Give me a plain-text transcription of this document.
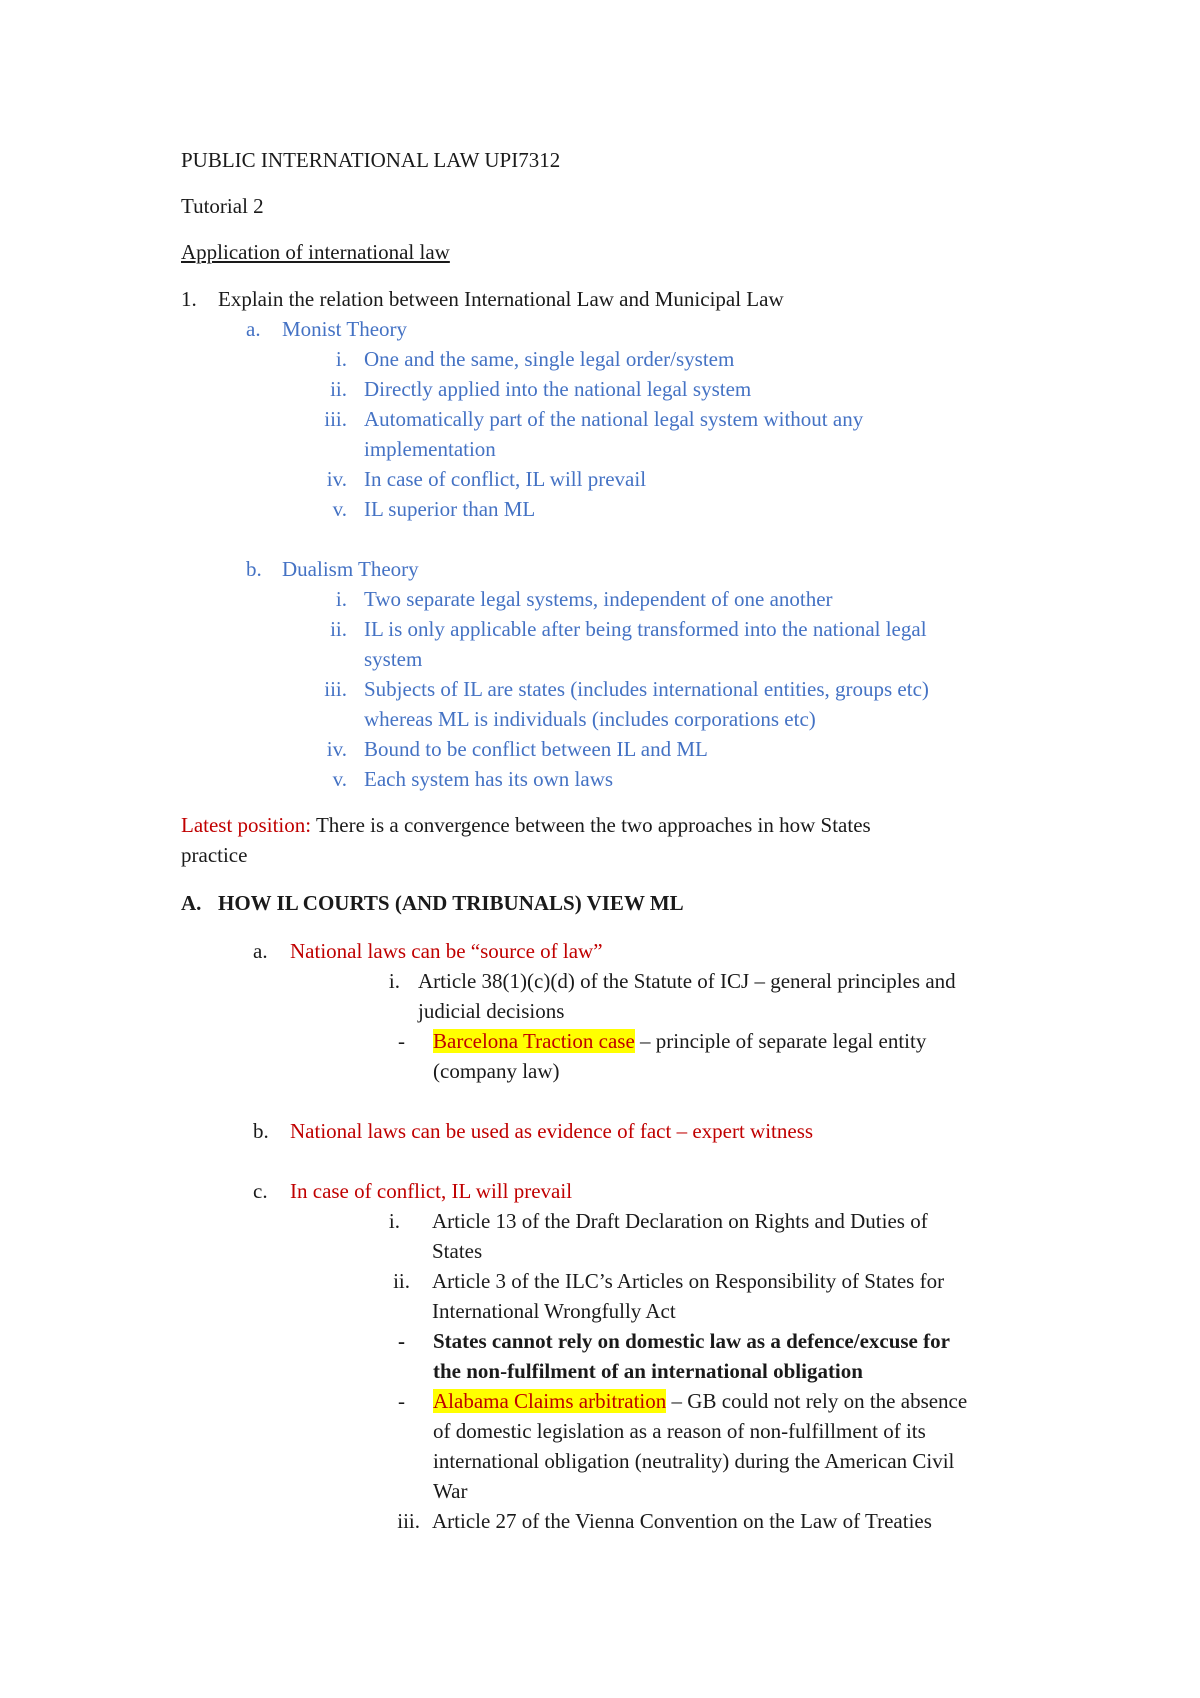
PUBLIC INTERNATIONAL LAW UPI7312
Tutorial 2
Application of international law
1. Explain the relation between International Law and Municipal Law
a. Monist Theory
i. One and the same, single legal order/system
ii. Directly applied into the national legal system
iii. Automatically part of the national legal system without any
implementation
iv. In case of conflict, IL will prevail
v. IL superior than ML
b. Dualism Theory
i. Two separate legal systems, independent of one another
ii. IL is only applicable after being transformed into the national legal
system
iii. Subjects of IL are states (includes international entities, groups etc)
whereas ML is individuals (includes corporations etc)
iv. Bound to be conflict between IL and ML
v. Each system has its own laws
Latest position: There is a convergence between the two approaches in how States
practice
A. HOW IL COURTS (AND TRIBUNALS) VIEW ML
a. National laws can be “source of law”
i. Article 38(1)(c)(d) of the Statute of ICJ – general principles and
judicial decisions
- Barcelona Traction case – principle of separate legal entity
(company law)
b. National laws can be used as evidence of fact – expert witness
c. In case of conflict, IL will prevail
i. Article 13 of the Draft Declaration on Rights and Duties of
States
ii. Article 3 of the ILC’s Articles on Responsibility of States for
International Wrongfully Act
- States cannot rely on domestic law as a defence/excuse for
the non-fulfilment of an international obligation
- Alabama Claims arbitration – GB could not rely on the absence
of domestic legislation as a reason of non-fulfillment of its
international obligation (neutrality) during the American Civil
War
iii. Article 27 of the Vienna Convention on the Law of Treaties
